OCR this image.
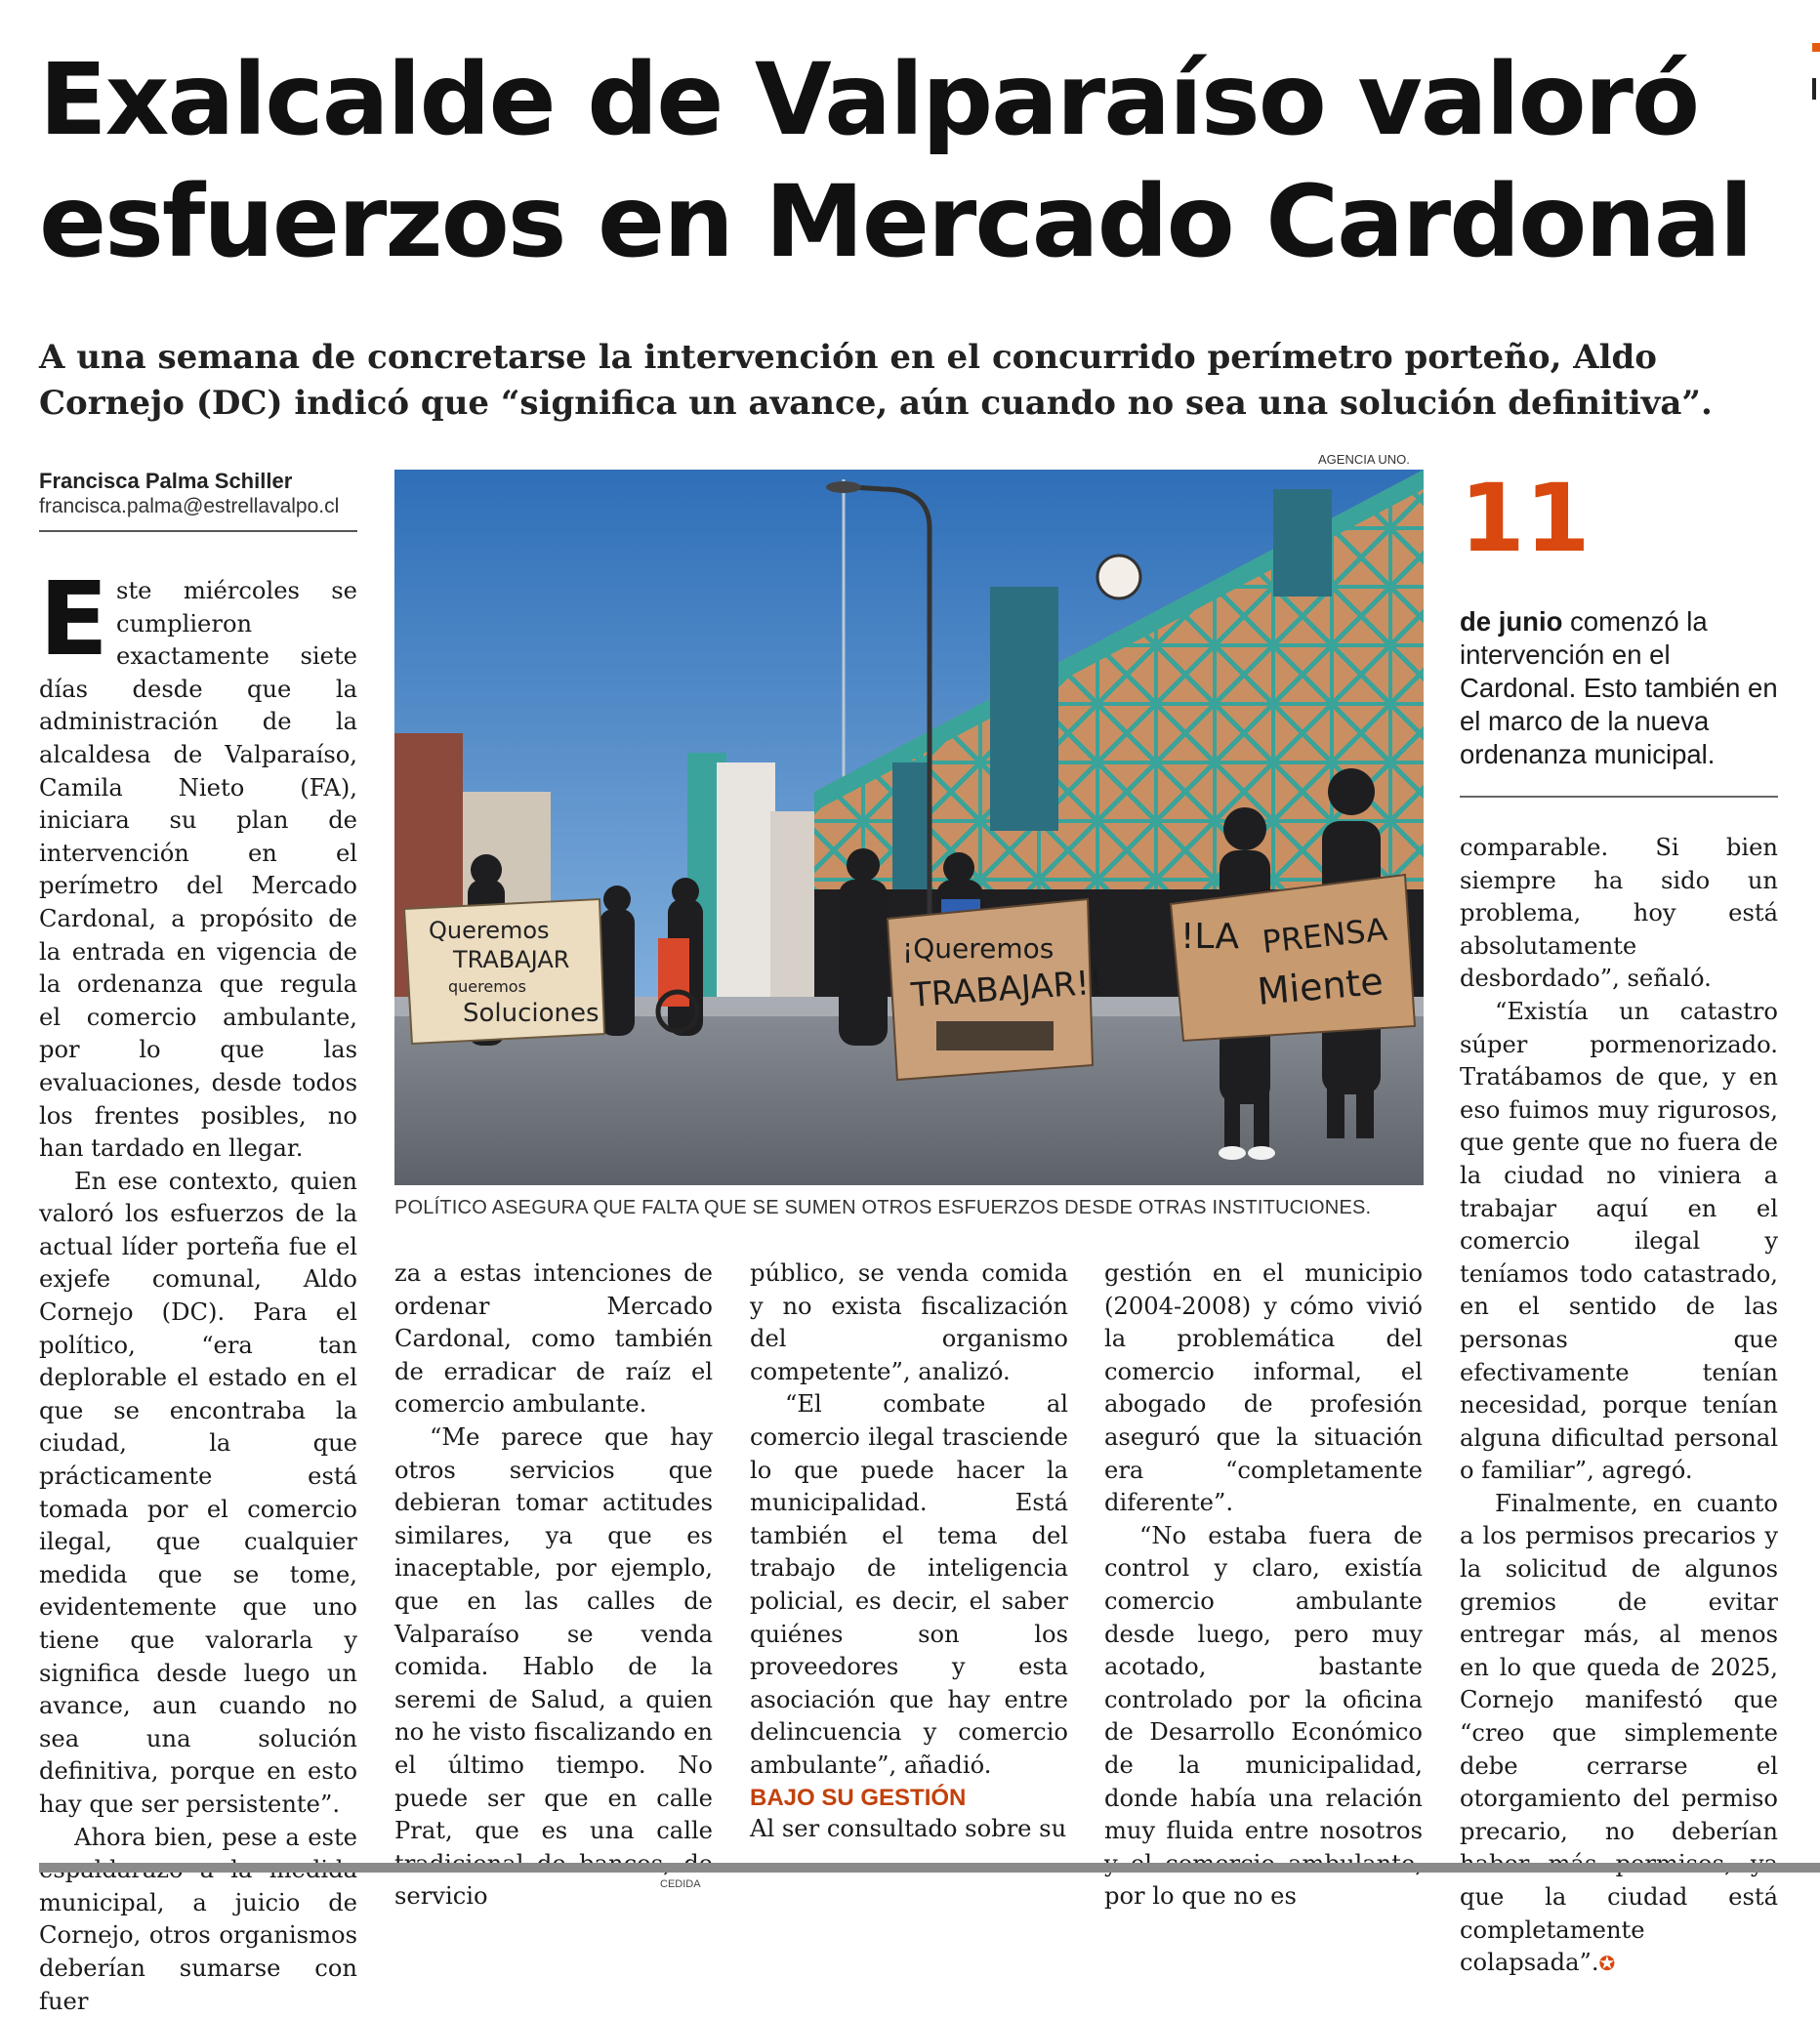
Exalcalde de Valparaíso valoró esfuerzos en Mercado Cardonal

A una semana de concretarse la intervención en el concurrido perímetro porteño, Aldo Cornejo (DC) indicó que “significa un avance, aún cuando no sea una solución definitiva”.

Francisca Palma Schiller
francisca.palma@estrellavalpo.cl

Este miércoles se cumplieron exactamente siete días desde que la administración de la alcaldesa de Valparaíso, Camila Nieto (FA), iniciara su plan de intervención en el perímetro del Mercado Cardonal, a propósito de la entrada en vigencia de la ordenanza que regula el comercio ambulante, por lo que las evaluaciones, desde todos los frentes posibles, no han tardado en llegar.

En ese contexto, quien valoró los esfuerzos de la actual líder porteña fue el exjefe comunal, Aldo Cornejo (DC). Para el político, “era tan deplorable el estado en el que se encontraba la ciudad, la que prácticamente está tomada por el comercio ilegal, que cualquier medida que se tome, evidentemente que uno tiene que valorarla y significa desde luego un avance, aun cuando no sea una solución definitiva, porque en esto hay que ser persistente”.

Ahora bien, pese a este municipal, a juicio de Cornejo, otros organismos deberían sumarse con fuer

AGENCIA UNO.
Queremos
TRABAJAR
queremos
Soluciones
¡Queremos
TRABAJAR!!
!LA PRENSA
Miente
POLÍTICO ASEGURA QUE FALTA QUE SE SUMEN OTROS ESFUERZOS DESDE OTRAS INSTITUCIONES.

za a estas intenciones de ordenar Mercado Cardonal, como también de erradicar de raíz el comercio ambulante.

“Me parece que hay otros servicios que debieran tomar actitudes similares, ya que es inaceptable, por ejemplo, que en las calles de Valparaíso se venda comida. Hablo de la seremi de Salud, a quien no he visto fiscalizando en el último tiempo. No puede ser que en calle Prat, que es una calle servicio

público, se venda comida y no exista fiscalización del organismo competente”, analizó.

“El combate al comercio ilegal trasciende lo que puede hacer la municipalidad. Está también el tema del trabajo de inteligencia policial, es decir, el saber quiénes son los proveedores y esta asociación que hay entre delincuencia y comercio ambulante”, añadió.

BAJO SU GESTIÓN

Al ser consultado sobre su

gestión en el municipio (2004-2008) y cómo vivió la problemática del comercio informal, el abogado de profesión aseguró que la situación era “completamente diferente”.

“No estaba fuera de control y claro, existía comercio ambulante desde luego, pero muy acotado, bastante controlado por la oficina de Desarrollo Económico de la municipalidad, donde había una relación muy fluida entre nosotros por lo que no es

11

de junio comenzó la intervención en el Cardonal. Esto también en el marco de la nueva ordenanza municipal.

comparable. Si bien siempre ha sido un problema, hoy está absolutamente desbordado”, señaló.

“Existía un catastro súper pormenorizado. Tratábamos de que, y en eso fuimos muy rigurosos, que gente que no fuera de la ciudad no viniera a trabajar aquí en el comercio ilegal y teníamos todo catastrado, en el sentido de las personas que efectivamente tenían necesidad, porque tenían alguna dificultad personal o familiar”, agregó.

Finalmente, en cuanto a los permisos precarios y la solicitud de algunos gremios de evitar entregar más, al menos en lo que queda de 2025, Cornejo manifestó que “creo que simplemente debe cerrarse el otorgamiento del permiso precario, no deberían que la ciudad está completamente colapsada”.✪

CEDIDA
